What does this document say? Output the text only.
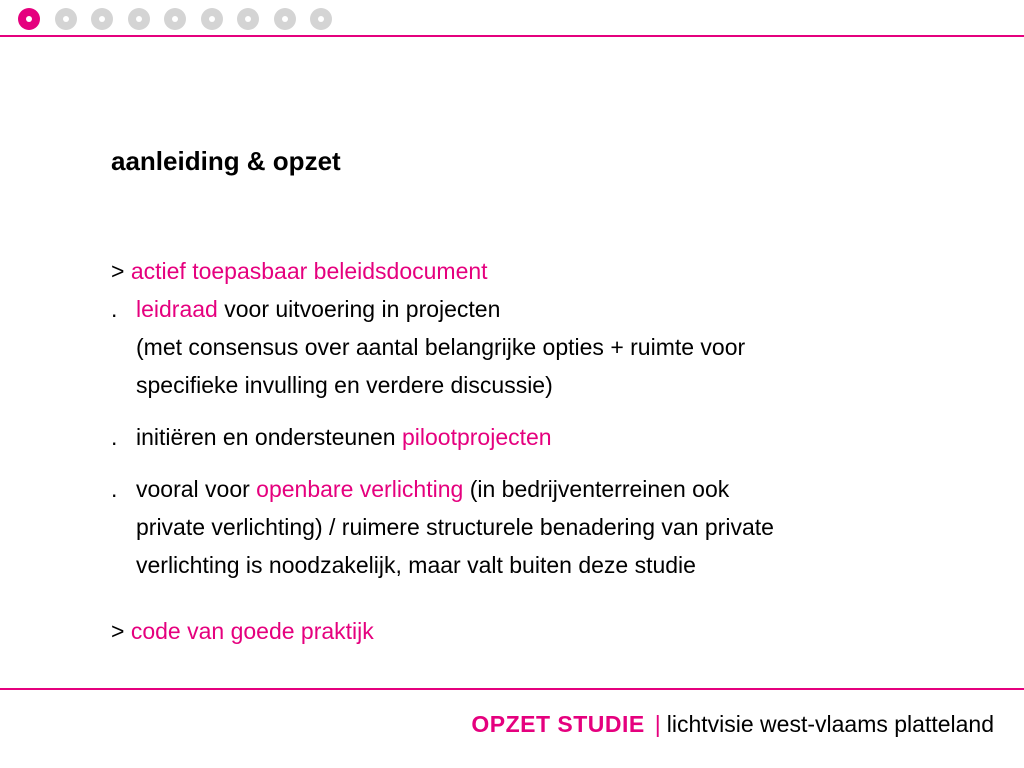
aanleiding & opzet
> actief toepasbaar beleidsdocument
. leidraad voor uitvoering in projecten
(met consensus over aantal belangrijke opties + ruimte voor
specifieke invulling en verdere discussie)
. initiëren en ondersteunen pilootprojecten
. vooral voor openbare verlichting (in bedrijventerreinen ook
private verlichting) / ruimere structurele benadering van private
verlichting is noodzakelijk, maar valt buiten deze studie
> code van goede praktijk
OPZET STUDIE | lichtvisie west-vlaams platteland
